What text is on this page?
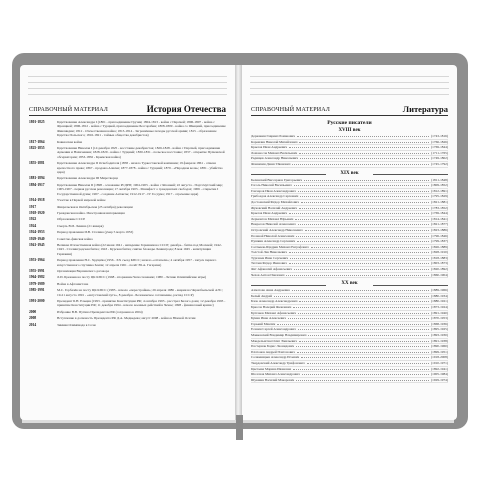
СПРАВОЧНЫЙ МАТЕРИАЛ	История Отечества
1801-1825	Царствование Александра I (1801 - присоединение Грузии; 1804-1813 - война с Персией; 1806-1807 - война с Францией; 1806-1812 - война с Турцией, присоединение Бессарабии; 1808-1809 - война со Швецией, присоединение Финляндии; 1812 - Отечественная война; 1813-1814 - Заграничные походы русской армии; 1815 - образование Царства Польского; 1816-1821 - тайные общества декабристов)
1817-1864	Кавказская война
1825-1855	Царствование Николая I (14 декабря 1825 - восстание декабристов; 1826-1828 - война с Персией, присоединение Армении и Нахичевани; 1828-1829 - война с Турцией; 1830-1831 - польское восстание; 1837 - открытие Пулковской обсерватории; 1853-1856 - Крымская война)
1855-1881	Царствование Александра II Освободителя (1858 - начало Туркестанской кампании; 19 февраля 1861 - отмена крепостного права; 1867 - продажа Аляски; 1877-1878 - война с Турцией; 1879 - «Народная воля»; 1881 - убийство царя)
1881-1894	Царствование Александра III Миротворца
1894-1917	Царствование Николая II (1898 - основание РСДРП; 1904-1905 - война с Японией; 22 августа - Портсмутский мир; 1905-1907 - первая русская революция; 17 октября 1905 - Манифест о гражданских свободах; 1906 - открытие I Государственной думы; 1907 - создание Антанты; 1912-1917 - IV Госдума; 1917 - отречение царя)
1914-1918	Участие в Первой мировой войне
1917	Февральская и Октябрьская (25 октября) революции
1918-1920	Гражданская война. Иностранная интервенция
1922	Образование СССР
1924	Смерть В.И. Ленина (21 января)
1924-1953	Период правления И.В. Сталина (умер 5 марта 1953)
1929-1940	Советско-финская война
1941-1945	Великая Отечественная война (22 июня 1941 - нападение Германии на СССР; декабрь - битва под Москвой; 1942-1943 - Сталинградская битва; 1943 - Курская битва; снятие блокады Ленинграда; 8 мая 1945 - капитуляция Германии)
1953-1964	Период правления Н.С. Хрущёва (1956 - XX съезд КПСС; начало «оттепели»; 4 октября 1957 - запуск первого искусственного спутника Земли; 12 апреля 1961 - полёт Ю.А. Гагарина)
1955-1991	Организация Варшавского договора
1964-1982	Л.И. Брежнев на посту ЦК КПСС (1968 - вторжение Чехословакию; 1980 - Летние Олимпийские игры)
1979-1989	Война в Афганистане
1985-1991	М.С. Горбачёв на посту ЦК КПСС (1985 - начало «перестройки»; 26 апреля 1986 - авария на Чернобыльской АЭС; 19-21 августа 1991 - «августовский путч», 8 декабря - Беловежское соглашение, распад СССР)
1991-2000	Президент Б.Н. Ельцин (1993 - принятие Конституции РФ; 4 октября 1993 - расстрел Белого дома; 12 декабря 1993 - принятие Конституции РФ; 11 декабря 1994 - начало военных действий в Чечне; 1998 - финансовый кризис)
2000	Избрание В.В. Путина Президентом РФ (сохранена в 2004)
2008	Вступление в должность Президента РФ Д.А. Медведева; август 2008 - война в Южной Осетии
2014	Зимняя Олимпиада в Сочи
СПРАВОЧНЫЙ МАТЕРИАЛ	Литература
Русские писатели
XVIII век
Державин Гавриил Романович	(1743-1816)
Карамзин Николай Михайлович	(1766-1826)
Крылов Иван Андреевич	(1769-1844)
Ломоносов Михаил Васильевич	(1711-1765)
Радищев Александр Николаевич	(1749-1802)
Фонвизин Денис Иванович	(1745-1792)
XIX век
Белинский Виссарион Григорьевич	(1811-1848)
Гоголь Николай Васильевич	(1809-1852)
Гончаров Иван Александрович	(1812-1891)
Грибоедов Александр Сергеевич	(1795-1829)
Достоевский Фёдор Михайлович	(1821-1881)
Жуковский Василий Андреевич	(1783-1852)
Крылов Иван Андреевич	(1769-1844)
Лермонтов Михаил Юрьевич	(1814-1841)
Некрасов Николай Алексеевич	(1821-1877)
Островский Александр Николаевич	(1823-1886)
Полевой Николай Алексеевич	(1796-1846)
Пушкин Александр Сергеевич	(1799-1837)
Салтыков-Щедрин Михаил Евграфович	(1826-1889)
Толстой Лев Николаевич	(1828-1910)
Тургенев Иван Сергеевич	(1818-1883)
Тютчев Фёдор Иванович	(1803-1873)
Фет Афанасий Афанасьевич	(1820-1892)
Чехов Антон Павлович	(1860-1904)
XX век
Ахматова Анна Андреевна	(1889-1966)
Белый Андрей	(1880-1934)
Блок Александр Александрович	(1880-1921)
Брюсов Валерий Яковлевич	(1873-1924)
Булгаков Михаил Афанасьевич	(1891-1940)
Бунин Иван Алексеевич	(1870-1953)
Горький Максим	(1868-1936)
Есенин Сергей Александрович	(1895-1925)
Маяковский Владимир Владимирович	(1893-1930)
Мандельштам Осип Эмильевич	(1891-1938)
Пастернак Борис Леонидович	(1890-1960)
Платонов Андрей Платонович	(1899-1951)
Солженицын Александр Исаевич	(1918-2008)
Твардовский Александр Трифонович	(1910-1971)
Цветаева Марина Ивановна	(1892-1941)
Шолохов Михаил Александрович	(1905-1984)
Шукшин Василий Макарович	(1929-1974)
